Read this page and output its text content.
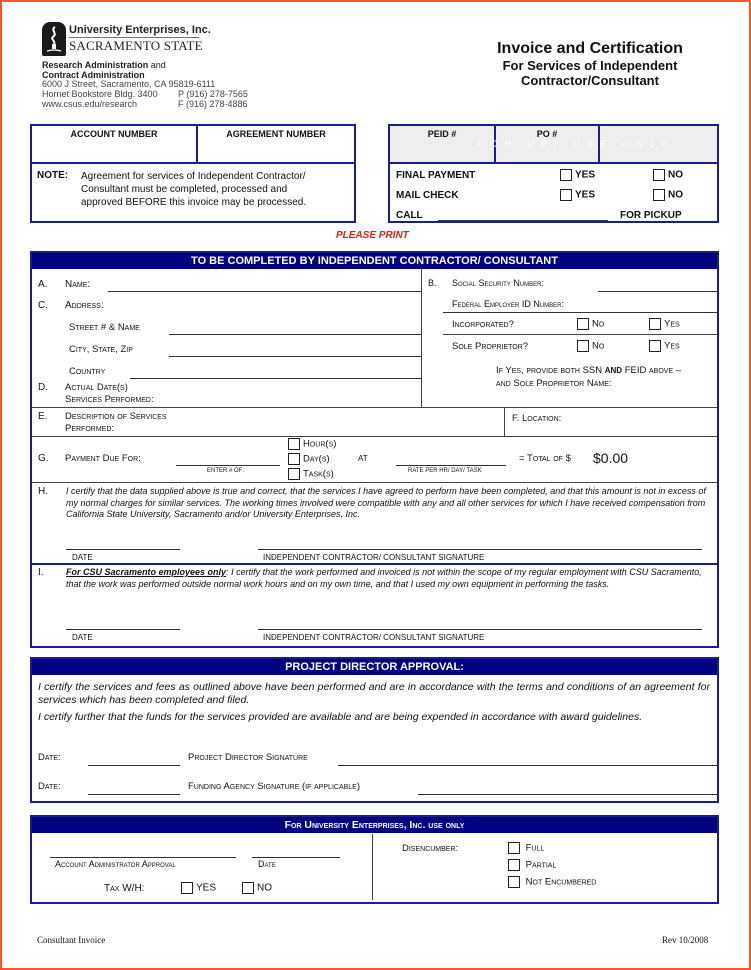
University Enterprises, Inc.
SACRAMENTO STATE
Research Administration and
Contract Administration
6000 J Street, Sacramento, CA 95819-6111
Hornet Bookstore Bldg. 3400 P (916) 278-7565
www.csus.edu/research	F (916) 278-4886
Invoice and Certification
For Services of Independent
Contractor/Consultant
ACCOUNT NUMBER	AGREEMENT NUMBER
NOTE: Agreement for services of Independent Contractor/
Consultant must be completed, processed and
approved BEFORE this invoice may be processed.
PEID #	PO #
FOR UEI USE ONLY
FINAL PAYMENT	YES	NO
MAIL CHECK	YES	NO
CALL	FOR PICKUP
PLEASE PRINT
TO BE COMPLETED BY INDEPENDENT CONTRACTOR/ CONSULTANT
A. Name:
C. Address:
Street # & Name
City, State, Zip
Country
D. Actual Date(s)
Services Performed:
B. Social Security Number:
Federal Employer ID Number:
Incorporated?	No	Yes
Sole Proprietor?	No	Yes
If Yes, provide both SSN AND FEID above –
and Sole Proprietor Name:
E. Description of Services
Performed:
F. Location:
G. Payment Due For:
ENTER # OF:
Hour(s)
Day(s)
Task(s)
AT
RATE PER HR/ DAY/ TASK
= Total of $ $0.00
H. I certify that the data supplied above is true and correct, that the services I have agreed to perform have been completed, and that this amount is not in excess of my normal charges for similar services. The working times involved were compatible with any and all other services for which I have received compensation from California State University, Sacramento and/or University Enterprises, Inc.
DATE	INDEPENDENT CONTRACTOR/ CONSULTANT SIGNATURE
I. For CSU Sacramento employees only: I certify that the work performed and invoiced is not within the scope of my regular employment with CSU Sacramento, that the work was performed outside normal work hours and on my own time, and that I used my own equipment in performing the tasks.
DATE	INDEPENDENT CONTRACTOR/ CONSULTANT SIGNATURE
PROJECT DIRECTOR APPROVAL:
I certify the services and fees as outlined above have been performed and are in accordance with the terms and conditions of an agreement for services which has been completed and filed.
I certify further that the funds for the services provided are available and are being expended in accordance with award guidelines.
Date:	Project Director Signature
Date:	Funding Agency Signature (if applicable)
For University Enterprises, Inc. use only
Account Administrator Approval	Date
Tax W/H:	YES	NO
Disencumber:	Full
Partial
Not Encumbered
Consultant Invoice	Rev 10/2008
